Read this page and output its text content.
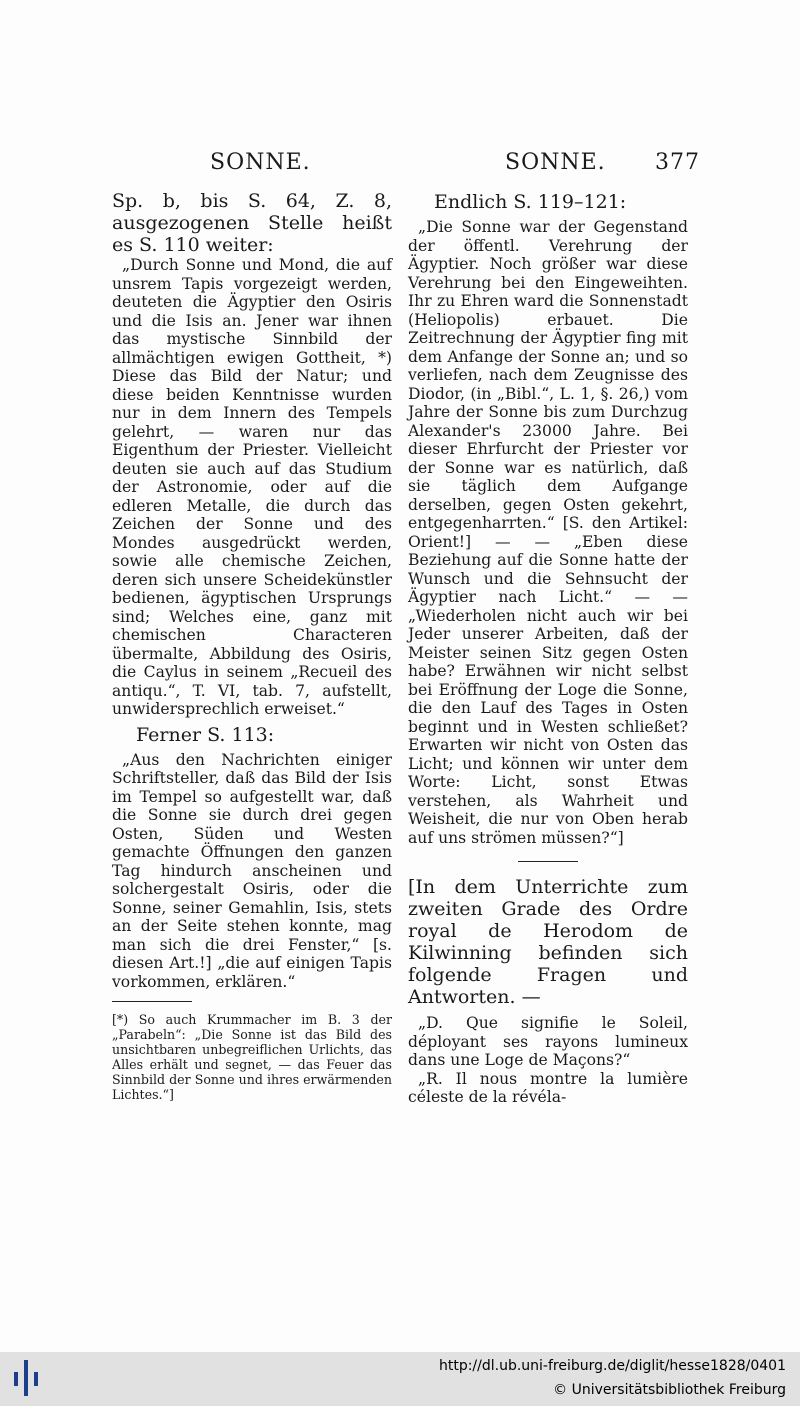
SONNE.	SONNE. 377

Sp. b, bis S. 64, Z. 8, ausgezogenen Stelle heißt es S. 110 weiter:

„Durch Sonne und Mond, die auf unsrem Tapis vorgezeigt werden, deuteten die Ägyptier den Osiris und die Isis an. Jener war ihnen das mystische Sinnbild der allmächtigen ewigen Gottheit, *) Diese das Bild der Natur; und diese beiden Kenntnisse wurden nur in dem Innern des Tempels gelehrt, — waren nur das Eigenthum der Priester. Vielleicht deuten sie auch auf das Studium der Astronomie, oder auf die edleren Metalle, die durch das Zeichen der Sonne und des Mondes ausgedrückt werden, sowie alle chemische Zeichen, deren sich unsere Scheidekünstler bedienen, ägyptischen Ursprungs sind; Welches eine, ganz mit chemischen Characteren übermalte, Abbildung des Osiris, die Caylus in seinem „Recueil des antiqu.“, T. VI, tab. 7, aufstellt, unwidersprechlich erweiset.“

Ferner S. 113:

„Aus den Nachrichten einiger Schriftsteller, daß das Bild der Isis im Tempel so aufgestellt war, daß die Sonne sie durch drei gegen Osten, Süden und Westen gemachte Öffnungen den ganzen Tag hindurch anscheinen und solchergestalt Osiris, oder die Sonne, seiner Gemahlin, Isis, stets an der Seite stehen konnte, mag man sich die drei Fenster,“ [s. diesen Art.!] „die auf einigen Tapis vorkommen, erklären.“

[*) So auch Krummacher im B. 3 der „Parabeln“: „Die Sonne ist das Bild des unsichtbaren unbegreiflichen Urlichts, das Alles erhält und segnet, — das Feuer das Sinnbild der Sonne und ihres erwärmenden Lichtes.“]

Endlich S. 119–121:

„Die Sonne war der Gegenstand der öffentl. Verehrung der Ägyptier. Noch größer war diese Verehrung bei den Eingeweihten. Ihr zu Ehren ward die Sonnenstadt (Heliopolis) erbauet. Die Zeitrechnung der Ägyptier fing mit dem Anfange der Sonne an; und so verliefen, nach dem Zeugnisse des Diodor, (in „Bibl.“, L. 1, §. 26,) vom Jahre der Sonne bis zum Durchzug Alexander's 23000 Jahre. Bei dieser Ehrfurcht der Priester vor der Sonne war es natürlich, daß sie täglich dem Aufgange derselben, gegen Osten gekehrt, entgegenharrten.“ [S. den Artikel: Orient!] — — „Eben diese Beziehung auf die Sonne hatte der Wunsch und die Sehnsucht der Ägyptier nach Licht.“ — — „Wiederholen nicht auch wir bei Jeder unserer Arbeiten, daß der Meister seinen Sitz gegen Osten habe? Erwähnen wir nicht selbst bei Eröffnung der Loge die Sonne, die den Lauf des Tages in Osten beginnt und in Westen schließet? Erwarten wir nicht von Osten das Licht; und können wir unter dem Worte: Licht, sonst Etwas verstehen, als Wahrheit und Weisheit, die nur von Oben herab auf uns strömen müssen?“]

[In dem Unterrichte zum zweiten Grade des Ordre royal de Herodom de Kilwinning befinden sich folgende Fragen und Antworten. —

„D. Que signifie le Soleil, déployant ses rayons lumineux dans une Loge de Maçons?“

„R. Il nous montre la lumière céleste de la révéla-

http://dl.ub.uni-freiburg.de/diglit/hesse1828/0401
© Universitätsbibliothek Freiburg
